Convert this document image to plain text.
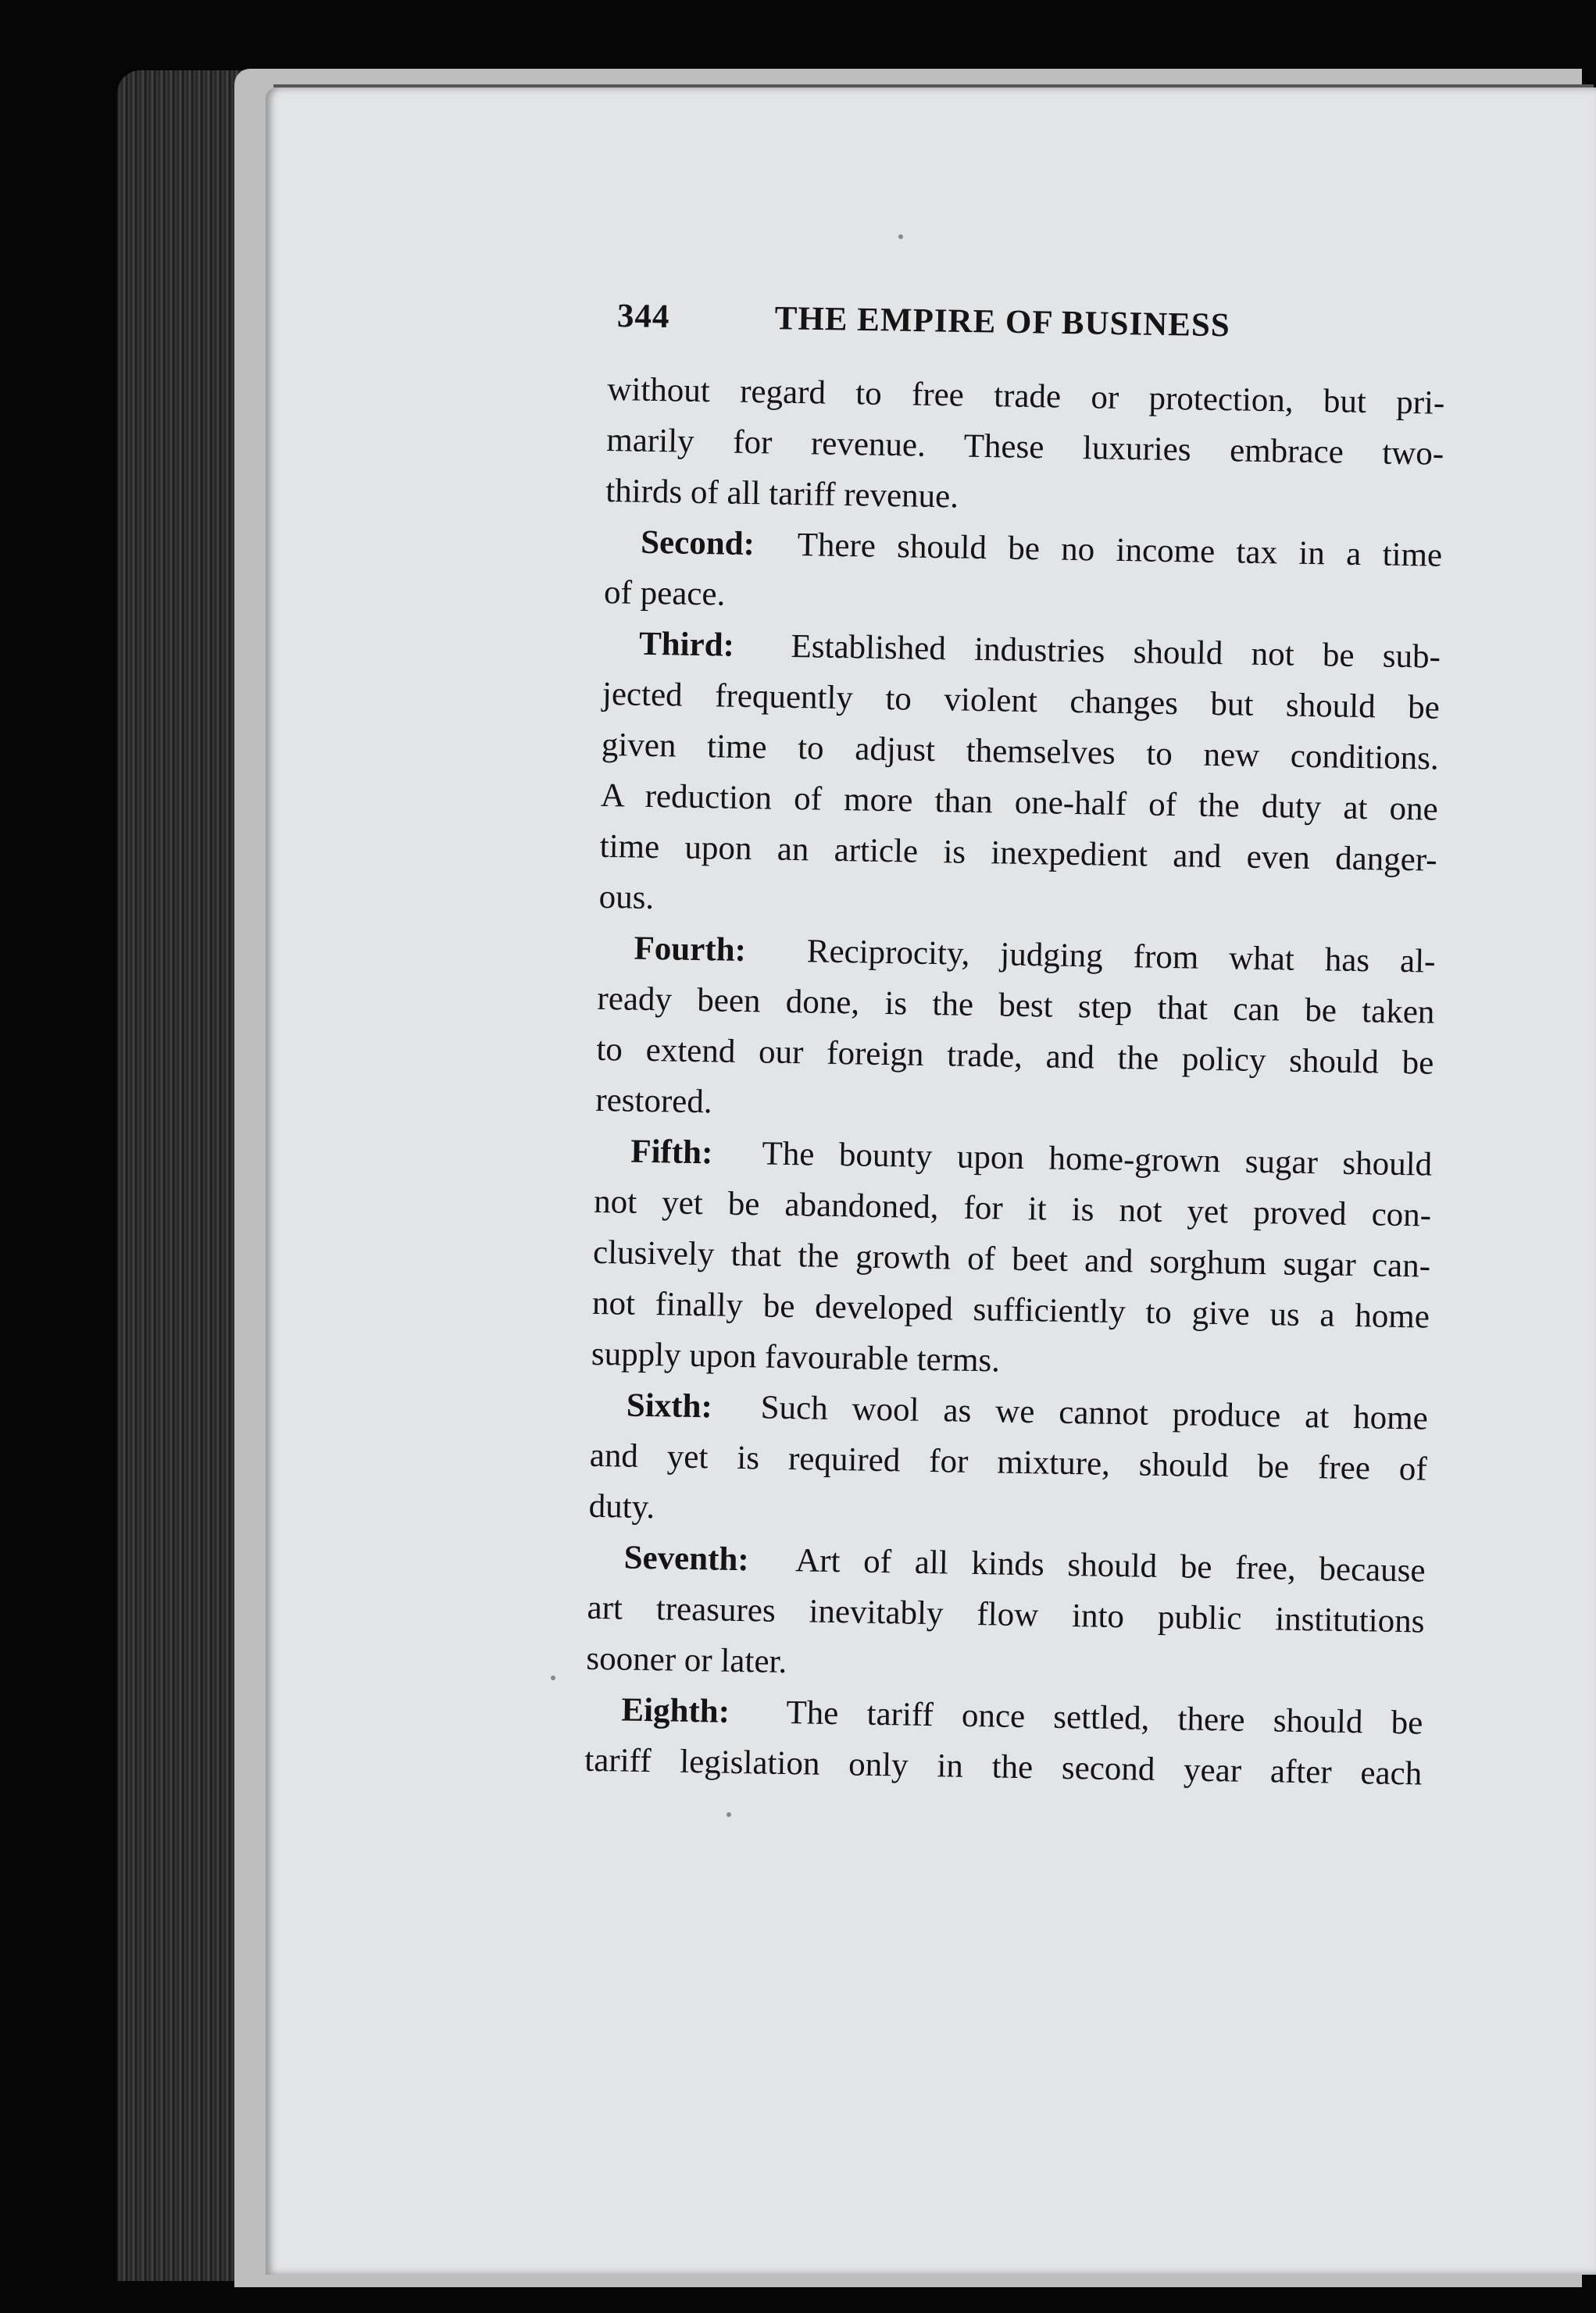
344	THE EMPIRE OF BUSINESS
without regard to free trade or protection, but pri-
marily for revenue. These luxuries embrace two-
thirds of all tariff revenue.
Second: There should be no income tax in a time
of peace.
Third: Established industries should not be sub-
jected frequently to violent changes but should be
given time to adjust themselves to new conditions.
A reduction of more than one-half of the duty at one
time upon an article is inexpedient and even danger-
ous.
Fourth: Reciprocity, judging from what has al-
ready been done, is the best step that can be taken
to extend our foreign trade, and the policy should be
restored.
Fifth: The bounty upon home-grown sugar should
not yet be abandoned, for it is not yet proved con-
clusively that the growth of beet and sorghum sugar can-
not finally be developed sufficiently to give us a home
supply upon favourable terms.
Sixth: Such wool as we cannot produce at home
and yet is required for mixture, should be free of
duty.
Seventh: Art of all kinds should be free, because
art treasures inevitably flow into public institutions
sooner or later.
Eighth: The tariff once settled, there should be
tariff legislation only in the second year after each
